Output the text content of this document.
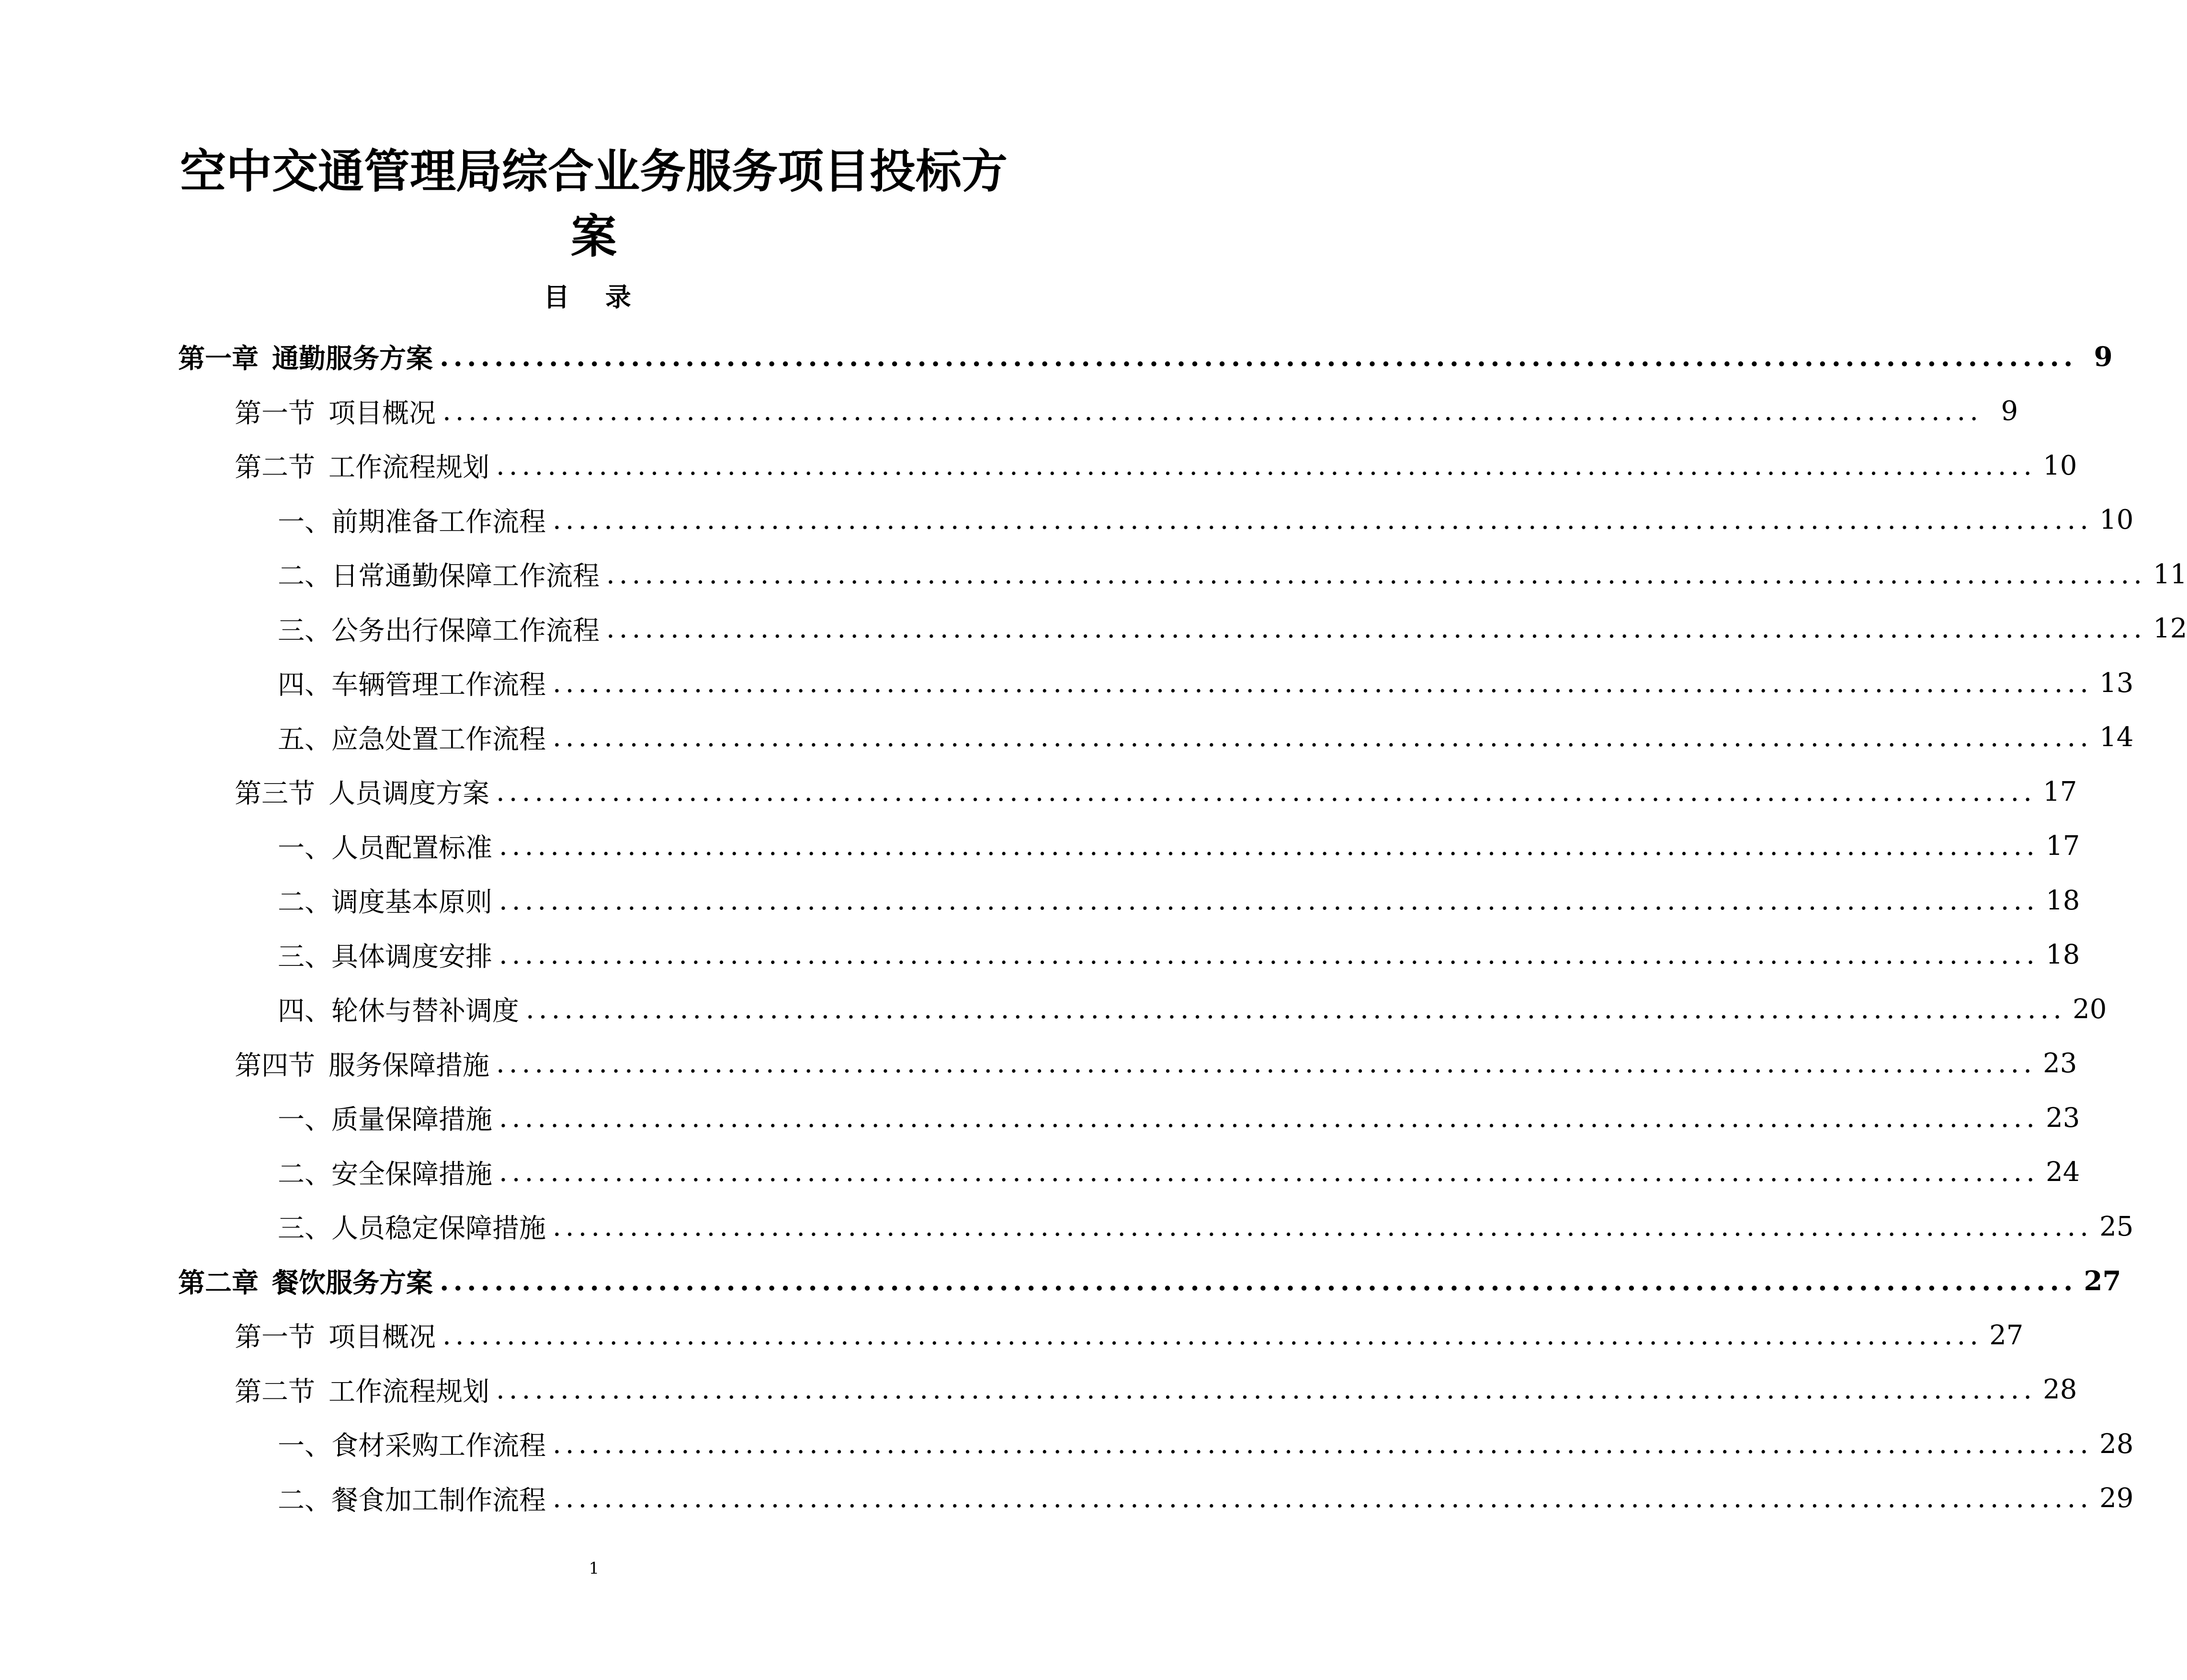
空中交通管理局综合业务服务项目投标方
案
目 录
第一章 通勤服务方案 ........................................................................................................................ 9
第一节 项目概况 ........................................................................................................................ 9
第二节 工作流程规划 ........................................................................................................................ 10
一、 前期准备工作流程 ........................................................................................................................ 10
二、 日常通勤保障工作流程 ........................................................................................................................ 11
三、 公务出行保障工作流程 ........................................................................................................................ 12
四、 车辆管理工作流程 ........................................................................................................................ 13
五、 应急处置工作流程 ........................................................................................................................ 14
第三节 人员调度方案 ........................................................................................................................ 17
一、 人员配置标准 ........................................................................................................................ 17
二、 调度基本原则 ........................................................................................................................ 18
三、 具体调度安排 ........................................................................................................................ 18
四、 轮休与替补调度 ........................................................................................................................ 20
第四节 服务保障措施 ........................................................................................................................ 23
一、 质量保障措施 ........................................................................................................................ 23
二、 安全保障措施 ........................................................................................................................ 24
三、 人员稳定保障措施 ........................................................................................................................ 25
第二章 餐饮服务方案 ........................................................................................................................ 27
第一节 项目概况 ........................................................................................................................ 27
第二节 工作流程规划 ........................................................................................................................ 28
一、 食材采购工作流程 ........................................................................................................................ 28
二、 餐食加工制作流程 ........................................................................................................................ 29
1
